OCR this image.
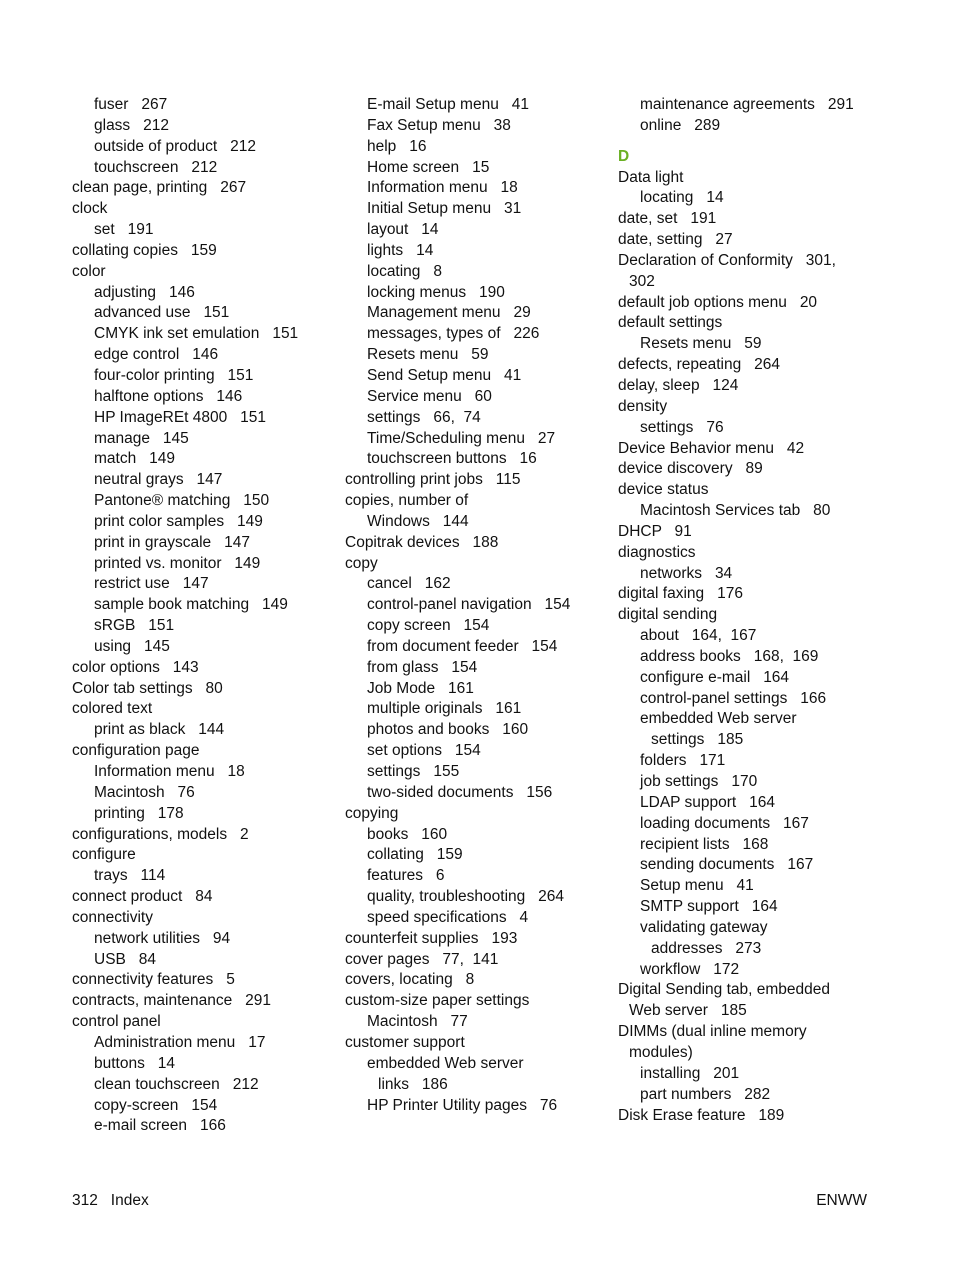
fuser   267
glass   212
outside of product   212
touchscreen   212
clean page, printing   267
clock
set   191
collating copies   159
color
adjusting   146
advanced use   151
CMYK ink set emulation   151
edge control   146
four-color printing   151
halftone options   146
HP ImageREt 4800   151
manage   145
match   149
neutral grays   147
Pantone® matching   150
print color samples   149
print in grayscale   147
printed vs. monitor   149
restrict use   147
sample book matching   149
sRGB   151
using   145
color options   143
Color tab settings   80
colored text
print as black   144
configuration page
Information menu   18
Macintosh   76
printing   178
configurations, models   2
configure
trays   114
connect product   84
connectivity
network utilities   94
USB   84
connectivity features   5
contracts, maintenance   291
control panel
Administration menu   17
buttons   14
clean touchscreen   212
copy-screen   154
e-mail screen   166
E-mail Setup menu   41
Fax Setup menu   38
help   16
Home screen   15
Information menu   18
Initial Setup menu   31
layout   14
lights   14
locating   8
locking menus   190
Management menu   29
messages, types of   226
Resets menu   59
Send Setup menu   41
Service menu   60
settings   66,  74
Time/Scheduling menu   27
touchscreen buttons   16
controlling print jobs   115
copies, number of
Windows   144
Copitrak devices   188
copy
cancel   162
control-panel navigation   154
copy screen   154
from document feeder   154
from glass   154
Job Mode   161
multiple originals   161
photos and books   160
set options   154
settings   155
two-sided documents   156
copying
books   160
collating   159
features   6
quality, troubleshooting   264
speed specifications   4
counterfeit supplies   193
cover pages   77,  141
covers, locating   8
custom-size paper settings
Macintosh   77
customer support
embedded Web server
links   186
HP Printer Utility pages   76
maintenance agreements   291
online   289
D
Data light
locating   14
date, set   191
date, setting   27
Declaration of Conformity   301,
302
default job options menu   20
default settings
Resets menu   59
defects, repeating   264
delay, sleep   124
density
settings   76
Device Behavior menu   42
device discovery   89
device status
Macintosh Services tab   80
DHCP   91
diagnostics
networks   34
digital faxing   176
digital sending
about   164,  167
address books   168,  169
configure e-mail   164
control-panel settings   166
embedded Web server
settings   185
folders   171
job settings   170
LDAP support   164
loading documents   167
recipient lists   168
sending documents   167
Setup menu   41
SMTP support   164
validating gateway
addresses   273
workflow   172
Digital Sending tab, embedded
Web server   185
DIMMs (dual inline memory
modules)
installing   201
part numbers   282
Disk Erase feature   189
312   Index	ENWW
